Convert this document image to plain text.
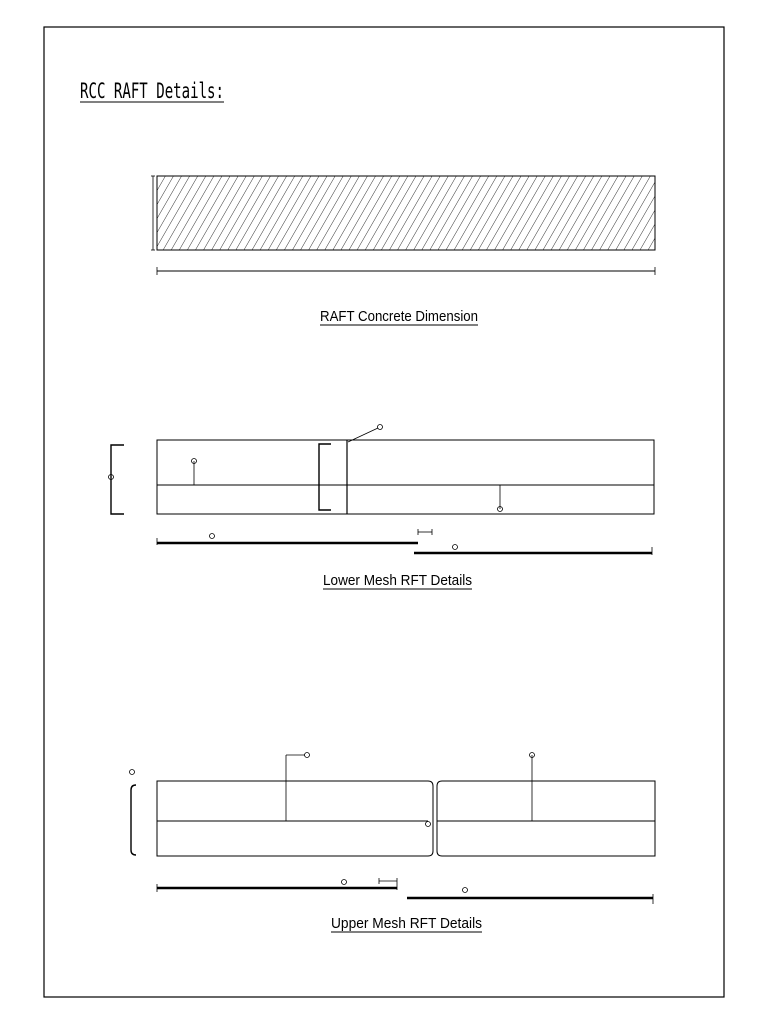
RCC RAFT Details:
RAFT Concrete Dimension
Lower Mesh RFT Details
Upper Mesh RFT Details
